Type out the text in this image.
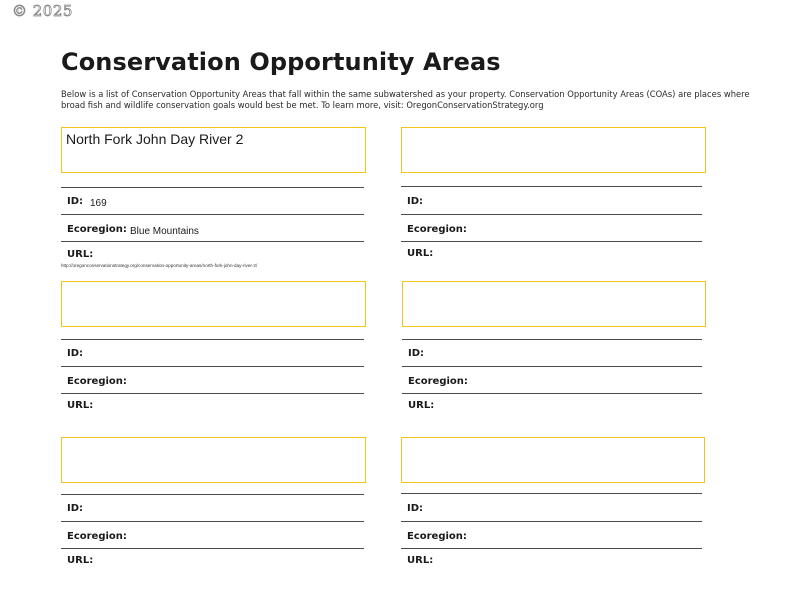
© 2025
Conservation Opportunity Areas
Below is a list of Conservation Opportunity Areas that fall within the same subwatershed as your property. Conservation Opportunity Areas (COAs) are places where broad fish and wildlife conservation goals would best be met. To learn more, visit: OregonConservationStrategy.org
North Fork John Day River 2
ID: 169
Ecoregion: Blue Mountains
URL:
http://oregonconservationstrategy.org/conservation-opportunity-areas/north-fork-john-day-river-2/
ID:
Ecoregion:
URL:
ID:
Ecoregion:
URL:
ID:
Ecoregion:
URL:
ID:
Ecoregion:
URL:
ID:
Ecoregion:
URL:
